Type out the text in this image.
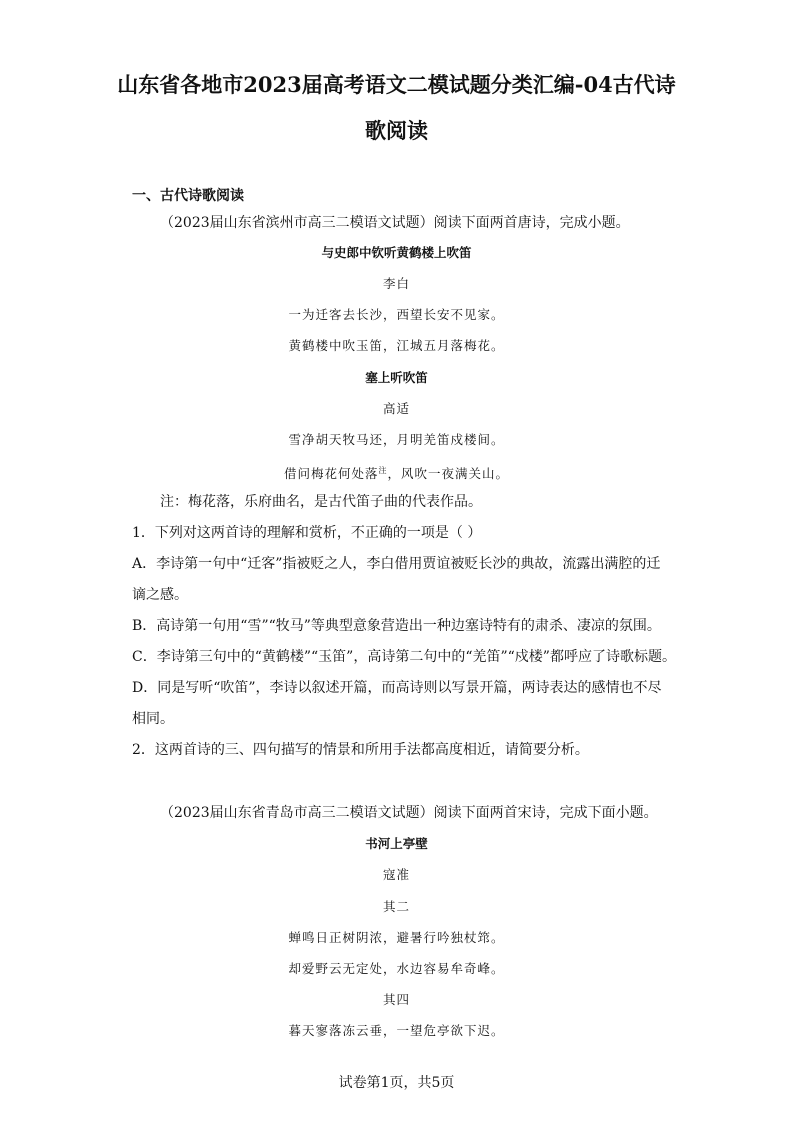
山东省各地市2023届高考语文二模试题分类汇编-04古代诗
歌阅读
一、古代诗歌阅读
（2023届山东省滨州市高三二模语文试题）阅读下面两首唐诗，完成小题。
与史郎中钦听黄鹤楼上吹笛
李白
一为迁客去长沙，西望长安不见家。
黄鹤楼中吹玉笛，江城五月落梅花。
塞上听吹笛
高适
雪净胡天牧马还，月明羌笛戍楼间。
借问梅花何处落$^注$，风吹一夜满关山。
注：梅花落，乐府曲名，是古代笛子曲的代表作品。
1．下列对这两首诗的理解和赏析，不正确的一项是（ ）
A．李诗第一句中“迁客”指被贬之人，李白借用贾谊被贬长沙的典故，流露出满腔的迁
谪之感。
B．高诗第一句用“雪”“牧马”等典型意象营造出一种边塞诗特有的肃杀、凄凉的氛围。
C．李诗第三句中的“黄鹤楼”“玉笛”，高诗第二句中的“羌笛”“戍楼”都呼应了诗歌标题。
D．同是写听“吹笛”，李诗以叙述开篇，而高诗则以写景开篇，两诗表达的感情也不尽
相同。
2．这两首诗的三、四句描写的情景和所用手法都高度相近，请简要分析。
（2023届山东省青岛市高三二模语文试题）阅读下面两首宋诗，完成下面小题。
书河上亭壁
寇准
其二
蝉鸣日正树阴浓，避暑行吟独杖筇。
却爱野云无定处，水边容易牟奇峰。
其四
暮天寥落冻云垂，一望危亭欲下迟。
试卷第1页，共5页
